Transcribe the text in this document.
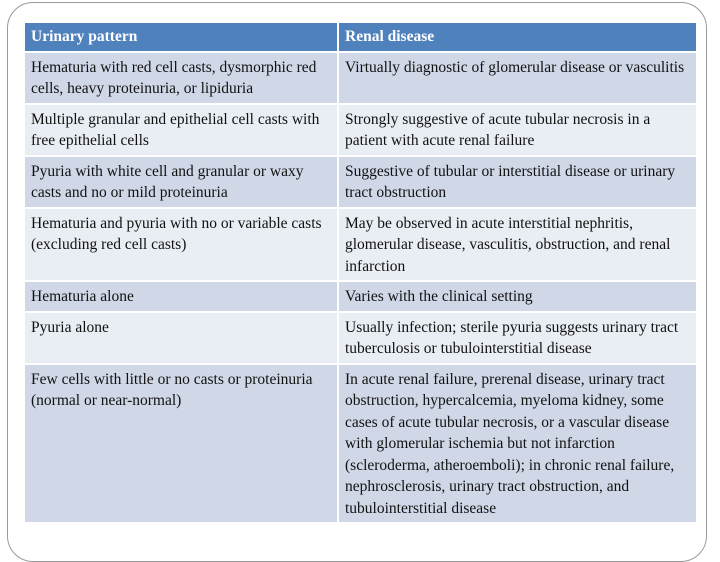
Urinary pattern	Renal disease
Hematuria with red cell casts, dysmorphic red cells, heavy proteinuria, or lipiduria	Virtually diagnostic of glomerular disease or vasculitis
Multiple granular and epithelial cell casts with free epithelial cells	Strongly suggestive of acute tubular necrosis in a patient with acute renal failure
Pyuria with white cell and granular or waxy casts and no or mild proteinuria	Suggestive of tubular or interstitial disease or urinary tract obstruction
Hematuria and pyuria with no or variable casts (excluding red cell casts)	May be observed in acute interstitial nephritis, glomerular disease, vasculitis, obstruction, and renal infarction
Hematuria alone	Varies with the clinical setting
Pyuria alone	Usually infection; sterile pyuria suggests urinary tract tuberculosis or tubulointerstitial disease
Few cells with little or no casts or proteinuria (normal or near-normal)	In acute renal failure, prerenal disease, urinary tract obstruction, hypercalcemia, myeloma kidney, some cases of acute tubular necrosis, or a vascular disease with glomerular ischemia but not infarction (scleroderma, atheroemboli); in chronic renal failure, nephrosclerosis, urinary tract obstruction, and tubulointerstitial disease
